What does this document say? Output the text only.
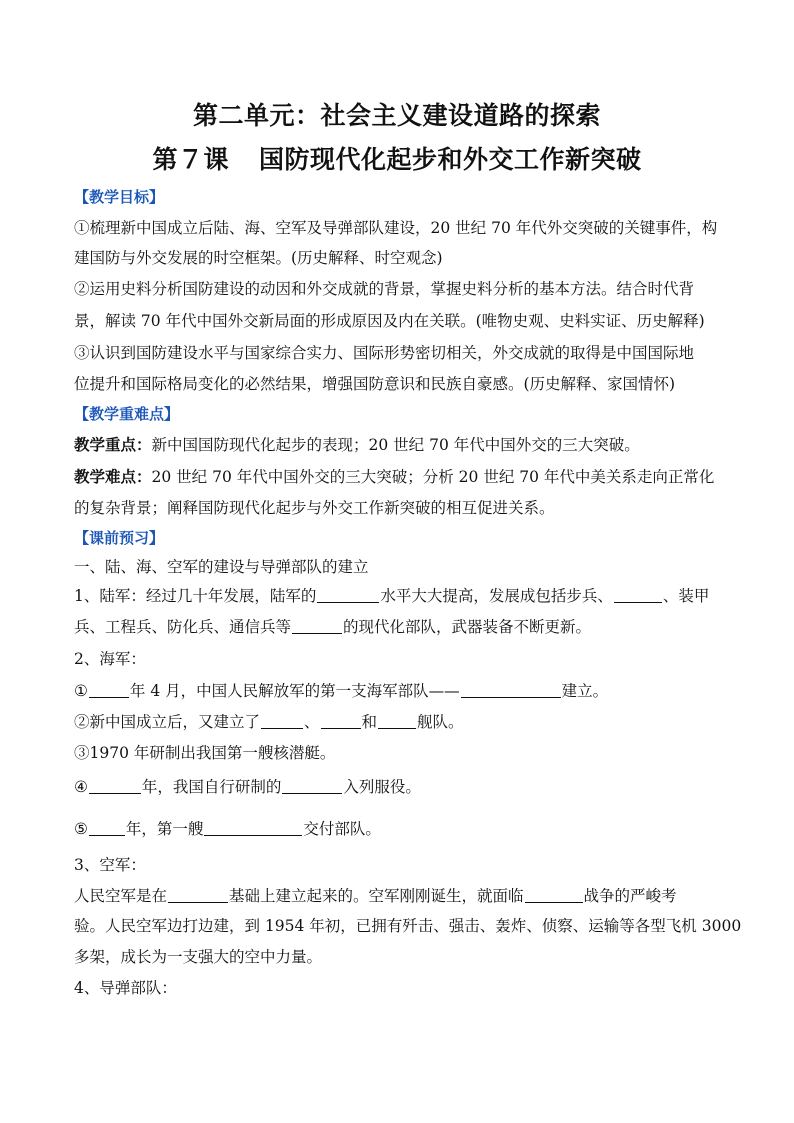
第二单元：社会主义建设道路的探索
第７课 国防现代化起步和外交工作新突破
【教学目标】
①梳理新中国成立后陆、海、空军及导弹部队建设，20 世纪 70 年代外交突破的关键事件，构
建国防与外交发展的时空框架。(历史解释、时空观念)
②运用史料分析国防建设的动因和外交成就的背景，掌握史料分析的基本方法。结合时代背
景，解读 70 年代中国外交新局面的形成原因及内在关联。(唯物史观、史料实证、历史解释)
③认识到国防建设水平与国家综合实力、国际形势密切相关，外交成就的取得是中国国际地
位提升和国际格局变化的必然结果，增强国防意识和民族自豪感。(历史解释、家国情怀)
【教学重难点】
教学重点：新中国国防现代化起步的表现；20 世纪 70 年代中国外交的三大突破。
教学难点：20 世纪 70 年代中国外交的三大突破；分析 20 世纪 70 年代中美关系走向正常化
的复杂背景；阐释国防现代化起步与外交工作新突破的相互促进关系。
【课前预习】
一、陆、海、空军的建设与导弹部队的建立
1、陆军：经过几十年发展，陆军的	水平大大提高，发展成包括步兵、	、装甲
兵、工程兵、防化兵、通信兵等	的现代化部队，武器装备不断更新。
2、海军：
①	年 4 月，中国人民解放军的第一支海军部队——	建立。
②新中国成立后，又建立了	、	和	舰队。
③1970 年研制出我国第一艘核潜艇。
④	年，我国自行研制的	入列服役。
⑤ 年，第一艘	交付部队。
3、空军：
人民空军是在	基础上建立起来的。空军刚刚诞生，就面临	战争的严峻考
验。人民空军边打边建，到 1954 年初，已拥有歼击、强击、轰炸、侦察、运输等各型飞机 3000
多架，成长为一支强大的空中力量。
4、导弹部队：
